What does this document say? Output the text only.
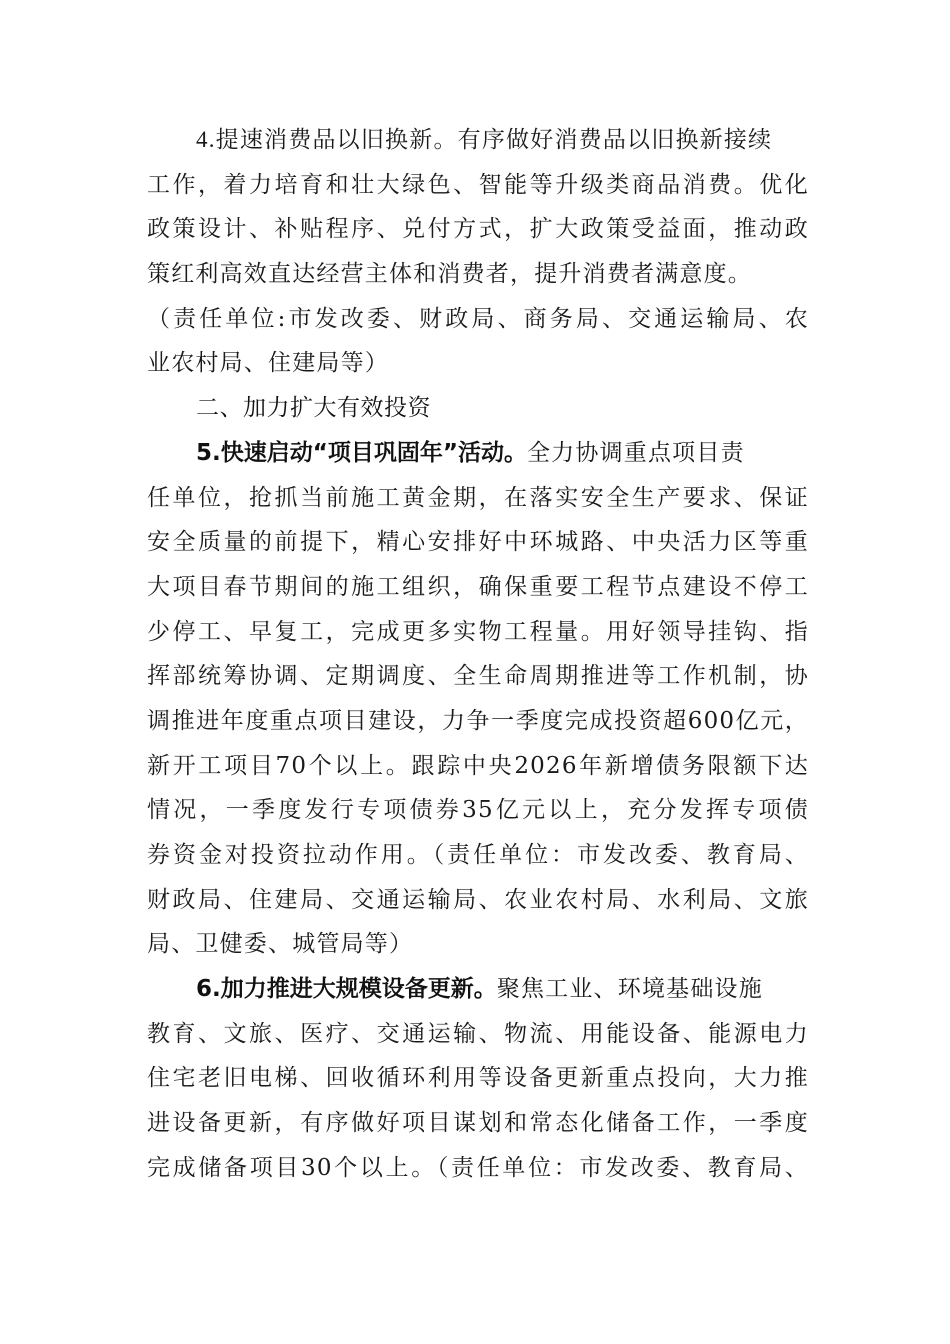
4.提速消费品以旧换新。有序做好消费品以旧换新接续
工作，着力培育和壮大绿色、智能等升级类商品消费。优化
政策设计、补贴程序、兑付方式，扩大政策受益面，推动政
策红利高效直达经营主体和消费者，提升消费者满意度。
（责任单位:市发改委、财政局、商务局、交通运输局、农
业农村局、住建局等）
二、加力扩大有效投资
5.快速启动“项目巩固年”活动。全力协调重点项目责
任单位，抢抓当前施工黄金期，在落实安全生产要求、保证
安全质量的前提下，精心安排好中环城路、中央活力区等重
大项目春节期间的施工组织，确保重要工程节点建设不停工
少停工、早复工，完成更多实物工程量。用好领导挂钩、指
挥部统筹协调、定期调度、全生命周期推进等工作机制，协
调推进年度重点项目建设，力争一季度完成投资超600亿元，
新开工项目70个以上。跟踪中央2026年新增债务限额下达
情况，一季度发行专项债券35亿元以上，充分发挥专项债
券资金对投资拉动作用。（责任单位：市发改委、教育局、
财政局、住建局、交通运输局、农业农村局、水利局、文旅
局、卫健委、城管局等）
6.加力推进大规模设备更新。聚焦工业、环境基础设施
教育、文旅、医疗、交通运输、物流、用能设备、能源电力
住宅老旧电梯、回收循环利用等设备更新重点投向，大力推
进设备更新，有序做好项目谋划和常态化储备工作，一季度
完成储备项目30个以上。（责任单位：市发改委、教育局、
